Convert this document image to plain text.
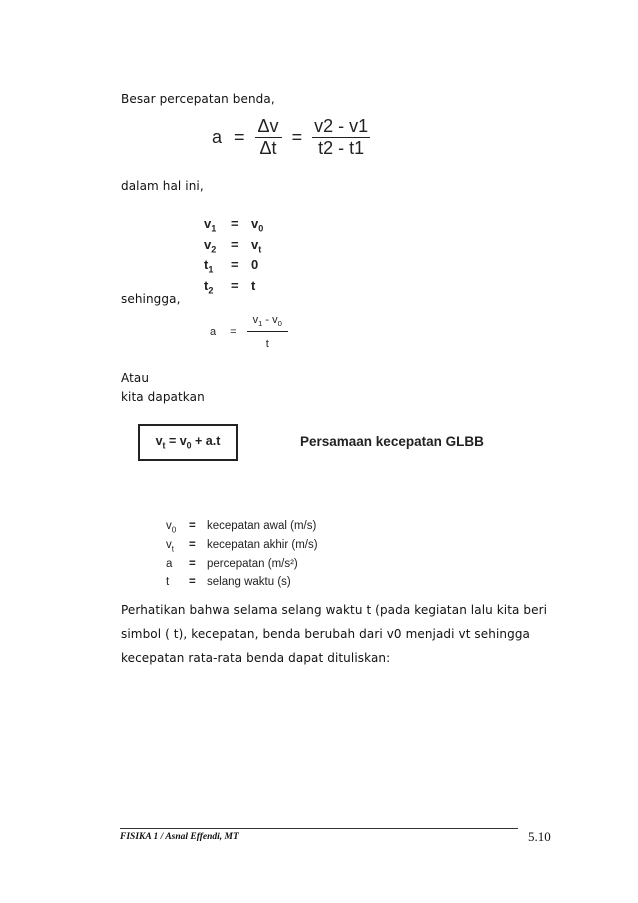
Besar percepatan benda,
$a = \frac{\Delta v}{\Delta t} = \frac{v2 - v1}{t2 - t1}$
dalam hal ini,
$v_1$	= $v_0$
$v_2$	= $v_t$
$t_1$	= 0
$t_2$	= t
sehingga,
$a = \frac{v_1 - v_0}{t}$
Atau
kita dapatkan
$v_t = v_0 + a.t$	Persamaan kecepatan GLBB
$v_0$	= kecepatan awal (m/s)
$v_t$	= kecepatan akhir (m/s)
a	= percepatan (m/s²)
t	= selang waktu (s)
Perhatikan bahwa selama selang waktu t (pada kegiatan lalu kita beri
simbol ( t), kecepatan, benda berubah dari v0 menjadi vt sehingga
kecepatan rata-rata benda dapat dituliskan:
FISIKA 1 / Asnal Effendi, MT	5.10
